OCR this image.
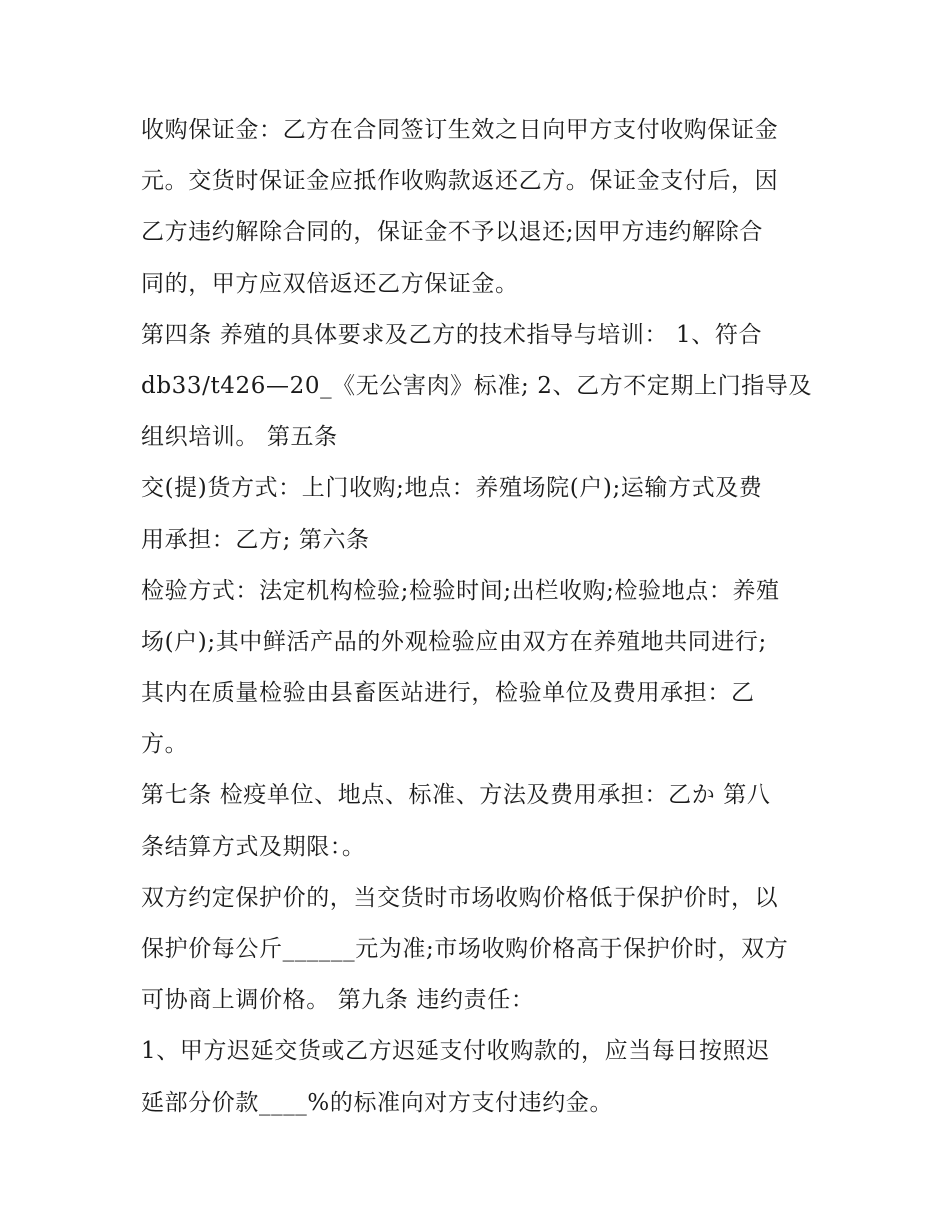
收购保证金：乙方在合同签订生效之日向甲方支付收购保证金
元。交货时保证金应抵作收购款返还乙方。保证金支付后，因
乙方违约解除合同的，保证金不予以退还;因甲方违约解除合
同的，甲方应双倍返还乙方保证金。
第四条 养殖的具体要求及乙方的技术指导与培训： 1、符合
db33/t426—20_《无公害肉》标准; 2、乙方不定期上门指导及
组织培训。 第五条
交(提)货方式：上门收购;地点：养殖场院(户);运输方式及费
用承担：乙方; 第六条
检验方式：法定机构检验;检验时间;出栏收购;检验地点：养殖
场(户);其中鲜活产品的外观检验应由双方在养殖地共同进行;
其内在质量检验由县畜医站进行，检验单位及费用承担：乙
方。
第七条 检疫单位、地点、标准、方法及费用承担：乙か 第八
条结算方式及期限：。
双方约定保护价的，当交货时市场收购价格低于保护价时，以
保护价每公斤______元为准;市场收购价格高于保护价时，双方
可协商上调价格。 第九条 违约责任：
1、甲方迟延交货或乙方迟延支付收购款的，应当每日按照迟
延部分价款____%的标准向对方支付违约金。
